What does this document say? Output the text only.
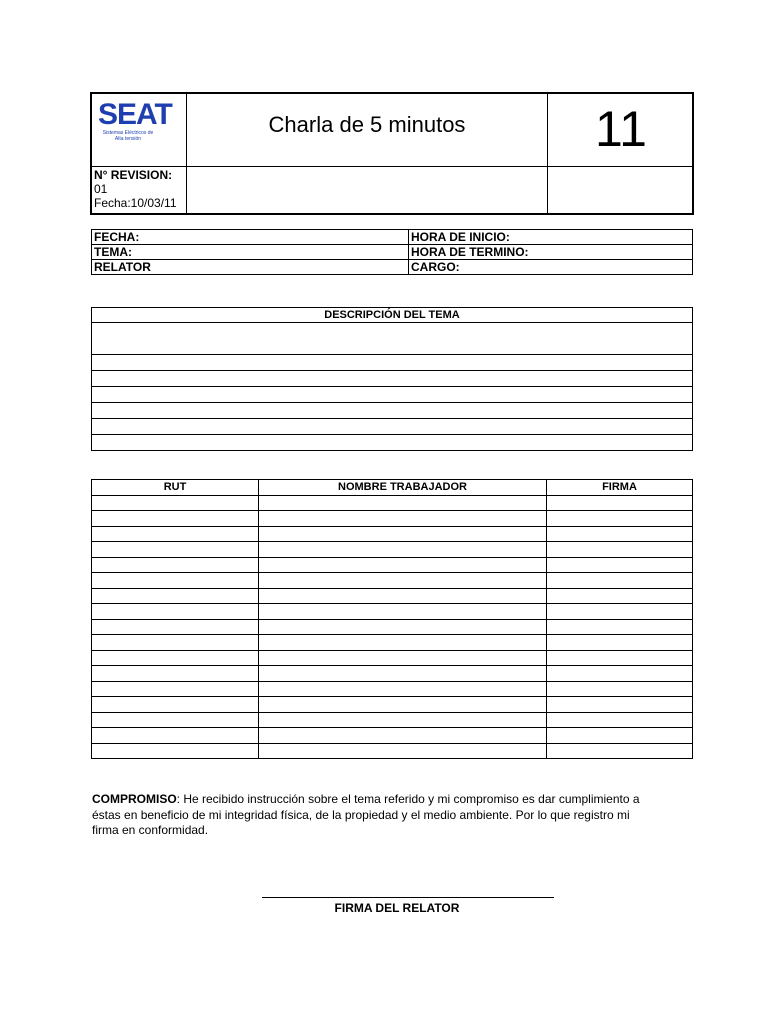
SEAT
Sistemas Eléctricos de Alta tensión
Charla de 5 minutos	11
N° REVISION:
01
Fecha:10/03/11
FECHA:	HORA DE INICIO:
TEMA:	HORA DE TERMINO:
RELATOR	CARGO:
DESCRIPCIÓN DEL TEMA

RUT	NOMBRE TRABAJADOR	FIRMA

COMPROMISO: He recibido instrucción sobre el tema referido y mi compromiso es dar cumplimiento a éstas en beneficio de mi integridad física, de la propiedad y el medio ambiente. Por lo que registro mi firma en conformidad.
FIRMA DEL RELATOR
